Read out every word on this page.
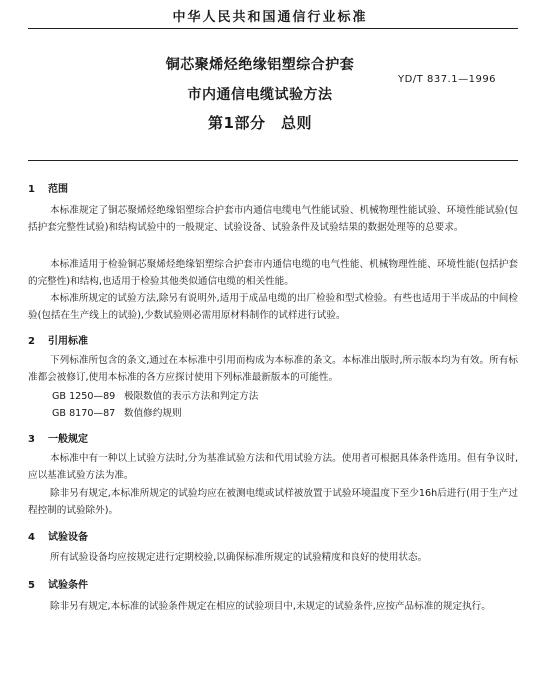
中华人民共和国通信行业标准
铜芯聚烯烃绝缘铝塑综合护套
YD/T 837.1—1996
市内通信电缆试验方法
第1部分　总则
1 范围
本标准规定了铜芯聚烯烃绝缘铝塑综合护套市内通信电缆电气性能试验、机械物理性能试验、环境性能试验(包括护套完整性试验)和结构试验中的一般规定、试验设备、试验条件及试验结果的数据处理等的总要求。
本标准适用于检验铜芯聚烯烃绝缘铝塑综合护套市内通信电缆的电气性能、机械物理性能、环境性能(包括护套的完整性)和结构,也适用于检验其他类似通信电缆的相关性能。
本标准所规定的试验方法,除另有说明外,适用于成品电缆的出厂检验和型式检验。有些也适用于半成品的中间检验(包括在生产线上的试验),少数试验则必需用原材料制作的试样进行试验。
2 引用标准
下列标准所包含的条文,通过在本标准中引用而构成为本标准的条文。本标准出版时,所示版本均为有效。所有标准都会被修订,使用本标准的各方应探讨使用下列标准最新版本的可能性。
GB 1250—89 极限数值的表示方法和判定方法
GB 8170—87 数值修约规则
3 一般规定
本标准中有一种以上试验方法时,分为基准试验方法和代用试验方法。使用者可根据具体条件选用。但有争议时,应以基准试验方法为准。
除非另有规定,本标准所规定的试验均应在被测电缆或试样被放置于试验环境温度下至少16h后进行(用于生产过程控制的试验除外)。
4 试验设备
所有试验设备均应按规定进行定期校验,以确保标准所规定的试验精度和良好的使用状态。
5 试验条件
除非另有规定,本标准的试验条件规定在相应的试验项目中,未规定的试验条件,应按产品标准的规定执行。
